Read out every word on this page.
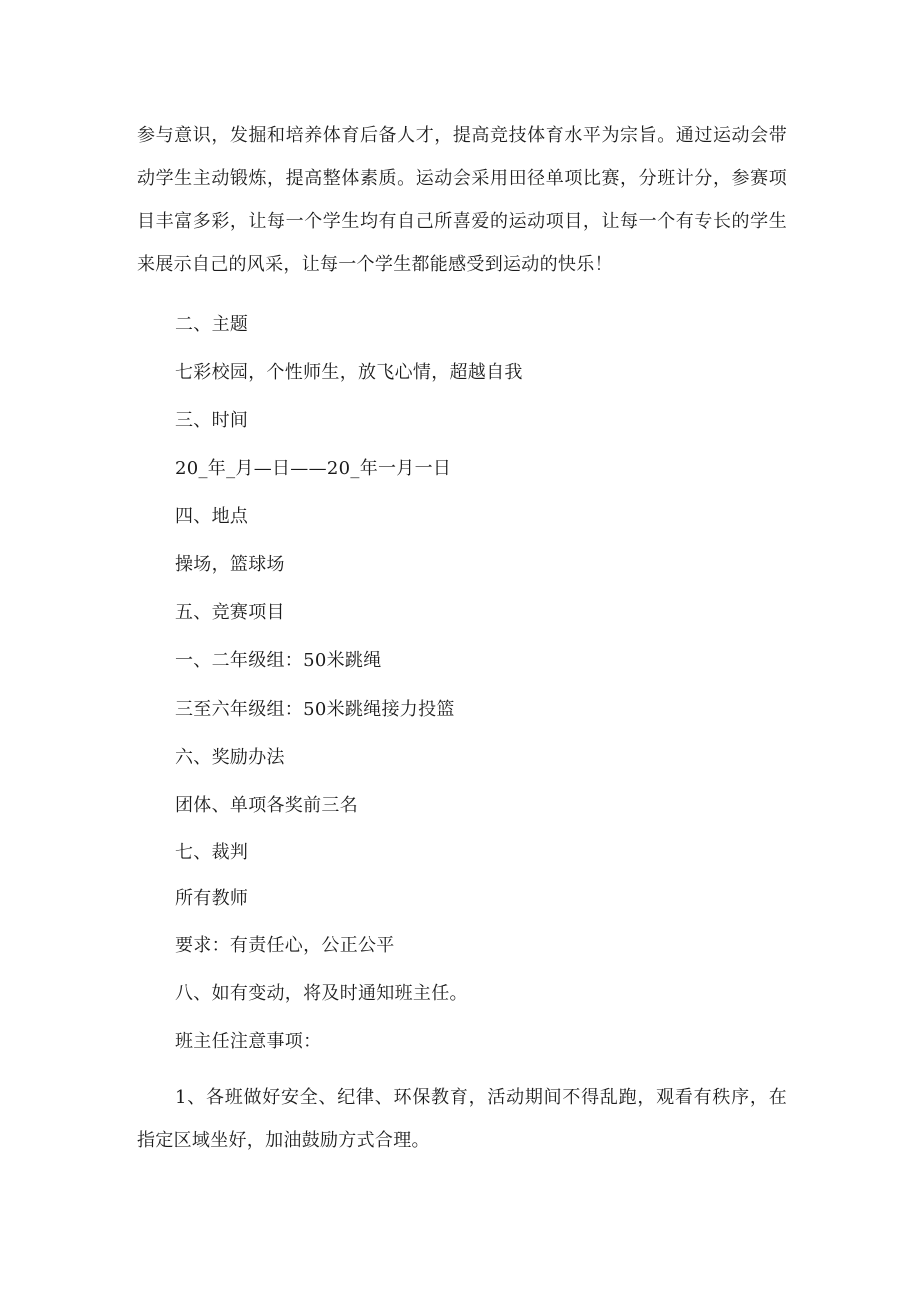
参与意识，发掘和培养体育后备人才，提高竞技体育水平为宗旨。通过运动会带动学生主动锻炼，提高整体素质。运动会采用田径单项比赛，分班计分，参赛项目丰富多彩，让每一个学生均有自己所喜爱的运动项目，让每一个有专长的学生来展示自己的风采，让每一个学生都能感受到运动的快乐！

二、主题

七彩校园，个性师生，放飞心情，超越自我

三、时间

20_年_月—日——20_年一月一日

四、地点

操场，篮球场

五、竞赛项目

一、二年级组：50米跳绳

三至六年级组：50米跳绳接力投篮

六、奖励办法

团体、单项各奖前三名

七、裁判

所有教师

要求：有责任心，公正公平

八、如有变动，将及时通知班主任。

班主任注意事项：

1、各班做好安全、纪律、环保教育，活动期间不得乱跑，观看有秩序，在指定区域坐好，加油鼓励方式合理。
